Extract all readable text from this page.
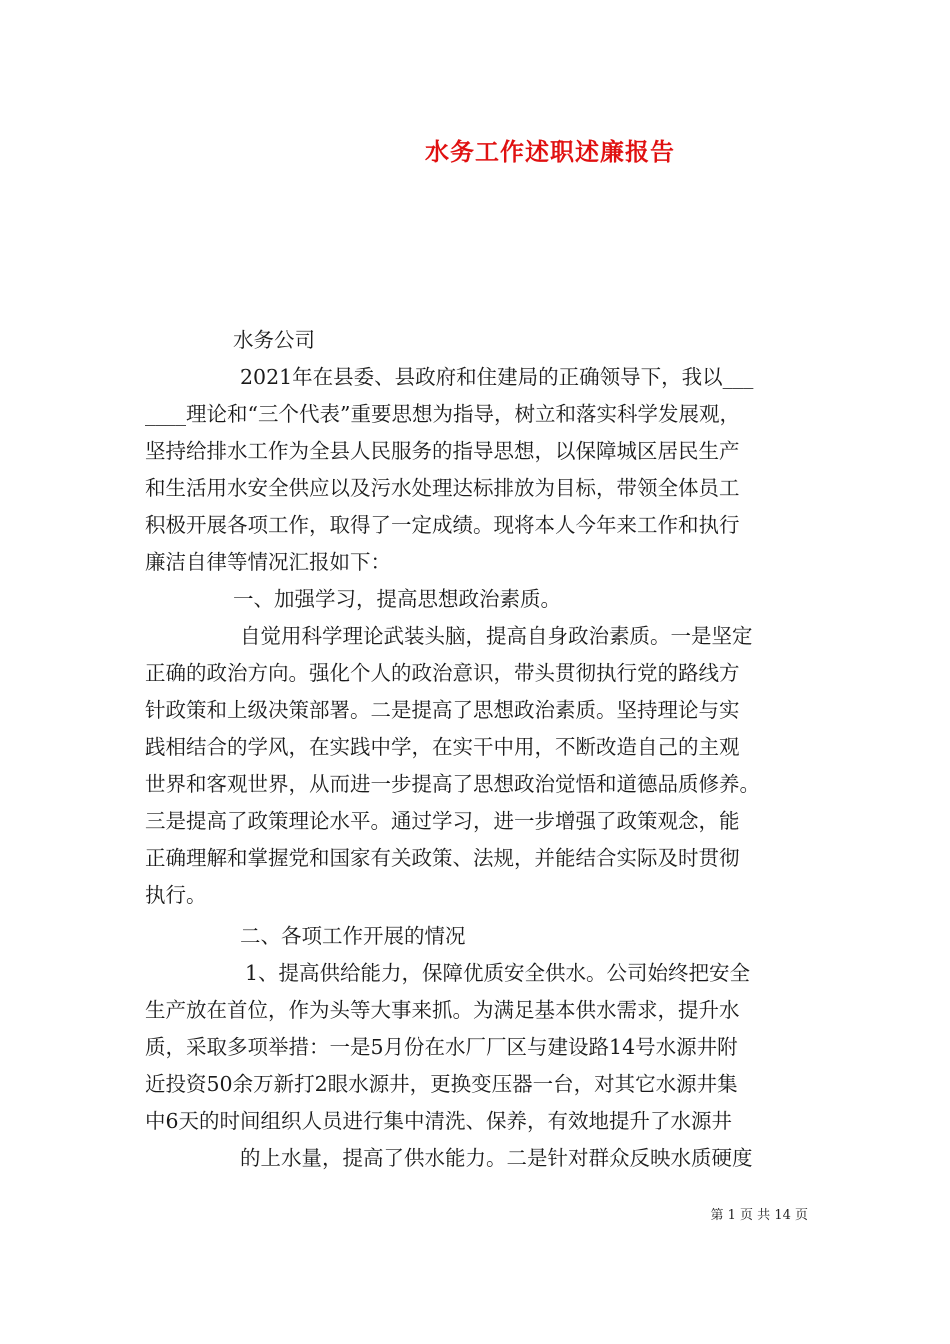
水务工作述职述廉报告
水务公司
2021年在县委、县政府和住建局的正确领导下，我以___
____理论和“三个代表”重要思想为指导，树立和落实科学发展观，
坚持给排水工作为全县人民服务的指导思想，以保障城区居民生产
和生活用水安全供应以及污水处理达标排放为目标，带领全体员工
积极开展各项工作，取得了一定成绩。现将本人今年来工作和执行
廉洁自律等情况汇报如下：
一、加强学习，提高思想政治素质。
自觉用科学理论武装头脑，提高自身政治素质。一是坚定
正确的政治方向。强化个人的政治意识，带头贯彻执行党的路线方
针政策和上级决策部署。二是提高了思想政治素质。坚持理论与实
践相结合的学风，在实践中学，在实干中用，不断改造自己的主观
世界和客观世界，从而进一步提高了思想政治觉悟和道德品质修养。
三是提高了政策理论水平。通过学习，进一步增强了政策观念，能
正确理解和掌握党和国家有关政策、法规，并能结合实际及时贯彻
执行。
二、各项工作开展的情况
1、提高供给能力，保障优质安全供水。公司始终把安全
生产放在首位，作为头等大事来抓。为满足基本供水需求，提升水
质，采取多项举措：一是5月份在水厂厂区与建设路14号水源井附
近投资50余万新打2眼水源井，更换变压器一台，对其它水源井集
中6天的时间组织人员进行集中清洗、保养，有效地提升了水源井
的上水量，提高了供水能力。二是针对群众反映水质硬度
第 1 页 共 14 页
